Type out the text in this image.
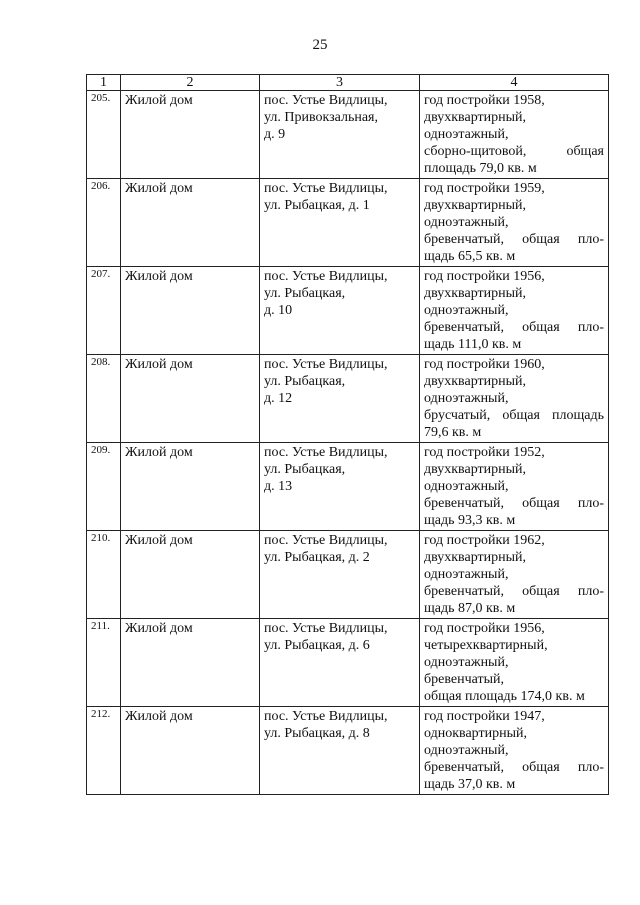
25
1	2	3	4
205.	Жилой дом	пос. Устье Видлицы,
ул. Привокзальная,
д. 9	год постройки 1958,
двухквартирный,
одноэтажный,
сборно-щитовой, общая
площадь 79,0 кв. м

206.	Жилой дом	пос. Устье Видлицы,
ул. Рыбацкая, д. 1	год постройки 1959,
двухквартирный,
одноэтажный,
бревенчатый, общая пло-
щадь 65,5 кв. м

207.	Жилой дом	пос. Устье Видлицы,
ул. Рыбацкая,
д. 10	год постройки 1956,
двухквартирный,
одноэтажный,
бревенчатый, общая пло-
щадь 111,0 кв. м

208.	Жилой дом	пос. Устье Видлицы,
ул. Рыбацкая,
д. 12	год постройки 1960,
двухквартирный,
одноэтажный,
брусчатый, общая площадь
79,6 кв. м

209.	Жилой дом	пос. Устье Видлицы,
ул. Рыбацкая,
д. 13	год постройки 1952,
двухквартирный,
одноэтажный,
бревенчатый, общая пло-
щадь 93,3 кв. м

210.	Жилой дом	пос. Устье Видлицы,
ул. Рыбацкая, д. 2	год постройки 1962,
двухквартирный,
одноэтажный,
бревенчатый, общая пло-
щадь 87,0 кв. м

211.	Жилой дом	пос. Устье Видлицы,
ул. Рыбацкая, д. 6	год постройки 1956,
четырехквартирный,
одноэтажный,
бревенчатый,
общая площадь 174,0 кв. м

212.	Жилой дом	пос. Устье Видлицы,
ул. Рыбацкая, д. 8	год постройки 1947,
одноквартирный,
одноэтажный,
бревенчатый, общая пло-
щадь 37,0 кв. м
